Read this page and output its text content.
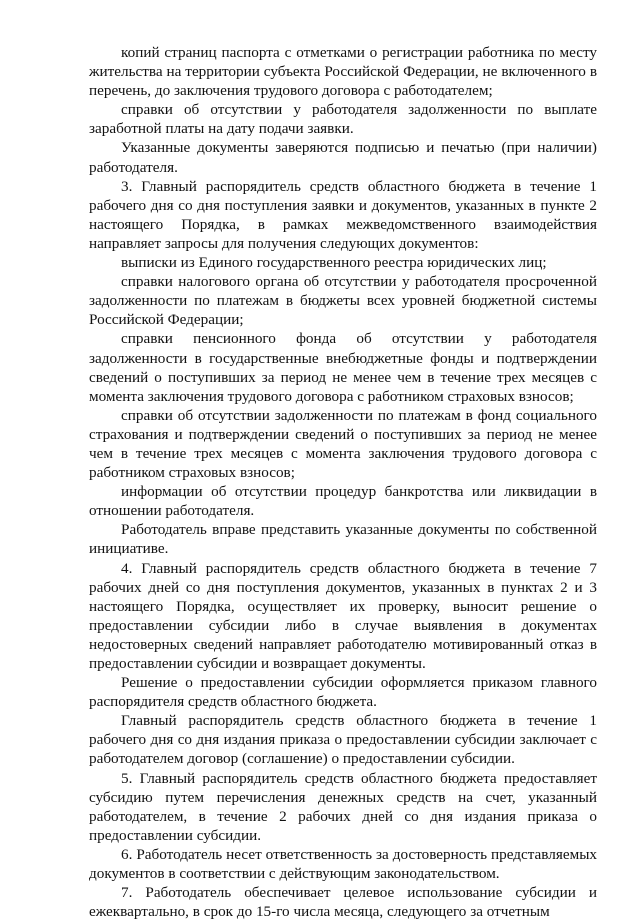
копий страниц паспорта с отметками о регистрации работника по месту жительства на территории субъекта Российской Федерации, не включенного в перечень, до заключения трудового договора с работодателем;

справки об отсутствии у работодателя задолженности по выплате заработной платы на дату подачи заявки.

Указанные документы заверяются подписью и печатью (при наличии) работодателя.

3. Главный распорядитель средств областного бюджета в течение 1 рабочего дня со дня поступления заявки и документов, указанных в пункте 2 настоящего Порядка, в рамках межведомственного взаимодействия направляет запросы для получения следующих документов:

выписки из Единого государственного реестра юридических лиц;

справки налогового органа об отсутствии у работодателя просроченной задолженности по платежам в бюджеты всех уровней бюджетной системы Российской Федерации;

справки пенсионного фонда об отсутствии у работодателя задолженности в государственные внебюджетные фонды и подтверждении сведений о поступивших за период не менее чем в течение трех месяцев с момента заключения трудового договора с работником страховых взносов;

справки об отсутствии задолженности по платежам в фонд социального страхования и подтверждении сведений о поступивших за период не менее чем в течение трех месяцев с момента заключения трудового договора с работником страховых взносов;

информации об отсутствии процедур банкротства или ликвидации в отношении работодателя.

Работодатель вправе представить указанные документы по собственной инициативе.

4. Главный распорядитель средств областного бюджета в течение 7 рабочих дней со дня поступления документов, указанных в пунктах 2 и 3 настоящего Порядка, осуществляет их проверку, выносит решение о предоставлении субсидии либо в случае выявления в документах недостоверных сведений направляет работодателю мотивированный отказ в предоставлении субсидии и возвращает документы.

Решение о предоставлении субсидии оформляется приказом главного распорядителя средств областного бюджета.

Главный распорядитель средств областного бюджета в течение 1 рабочего дня со дня издания приказа о предоставлении субсидии заключает с работодателем договор (соглашение) о предоставлении субсидии.

5. Главный распорядитель средств областного бюджета предоставляет субсидию путем перечисления денежных средств на счет, указанный работодателем, в течение 2 рабочих дней со дня издания приказа о предоставлении субсидии.

6. Работодатель несет ответственность за достоверность представляемых документов в соответствии с действующим законодательством.

7. Работодатель обеспечивает целевое использование субсидии и ежеквартально, в срок до 15-го числа месяца, следующего за отчетным
